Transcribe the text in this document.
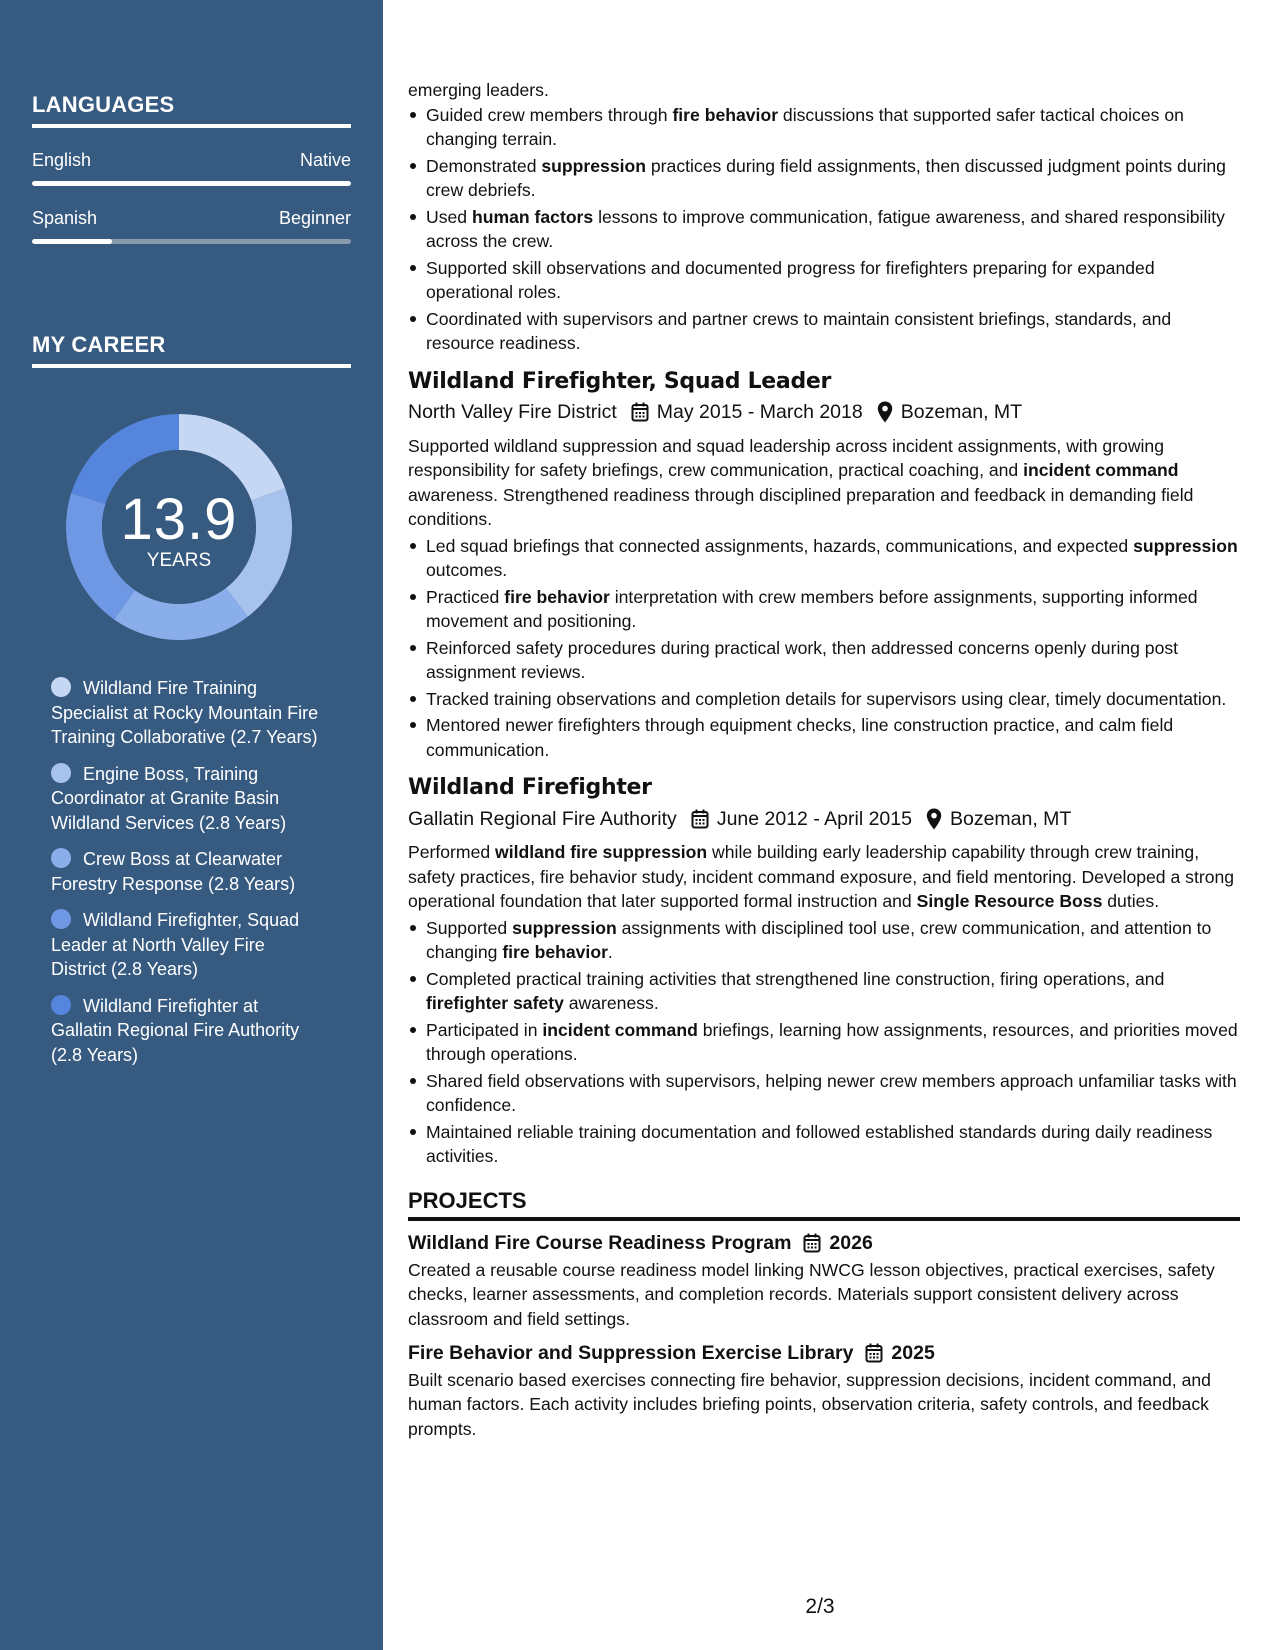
LANGUAGES
English	Native
Spanish	Beginner
MY CAREER
13.9
YEARS
Wildland Fire Training Specialist at Rocky Mountain Fire Training Collaborative (2.7 Years)
Engine Boss, Training Coordinator at Granite Basin Wildland Services (2.8 Years)
Crew Boss at Clearwater Forestry Response (2.8 Years)
Wildland Firefighter, Squad Leader at North Valley Fire District (2.8 Years)
Wildland Firefighter at Gallatin Regional Fire Authority (2.8 Years)
emerging leaders.
Guided crew members through fire behavior discussions that supported safer tactical choices on changing terrain.
Demonstrated suppression practices during field assignments, then discussed judgment points during crew debriefs.
Used human factors lessons to improve communication, fatigue awareness, and shared responsibility across the crew.
Supported skill observations and documented progress for firefighters preparing for expanded operational roles.
Coordinated with supervisors and partner crews to maintain consistent briefings, standards, and resource readiness.
Wildland Firefighter, Squad Leader
North Valley Fire District May 2015 - March 2018 Bozeman, MT
Supported wildland suppression and squad leadership across incident assignments, with growing responsibility for safety briefings, crew communication, practical coaching, and incident command awareness. Strengthened readiness through disciplined preparation and feedback in demanding field conditions.
Led squad briefings that connected assignments, hazards, communications, and expected suppression outcomes.
Practiced fire behavior interpretation with crew members before assignments, supporting informed movement and positioning.
Reinforced safety procedures during practical work, then addressed concerns openly during post assignment reviews.
Tracked training observations and completion details for supervisors using clear, timely documentation.
Mentored newer firefighters through equipment checks, line construction practice, and calm field communication.
Wildland Firefighter
Gallatin Regional Fire Authority June 2012 - April 2015 Bozeman, MT
Performed wildland fire suppression while building early leadership capability through crew training, safety practices, fire behavior study, incident command exposure, and field mentoring. Developed a strong operational foundation that later supported formal instruction and Single Resource Boss duties.
Supported suppression assignments with disciplined tool use, crew communication, and attention to changing fire behavior.
Completed practical training activities that strengthened line construction, firing operations, and firefighter safety awareness.
Participated in incident command briefings, learning how assignments, resources, and priorities moved through operations.
Shared field observations with supervisors, helping newer crew members approach unfamiliar tasks with confidence.
Maintained reliable training documentation and followed established standards during daily readiness activities.
PROJECTS
Wildland Fire Course Readiness Program 2026
Created a reusable course readiness model linking NWCG lesson objectives, practical exercises, safety checks, learner assessments, and completion records. Materials support consistent delivery across classroom and field settings.
Fire Behavior and Suppression Exercise Library 2025
Built scenario based exercises connecting fire behavior, suppression decisions, incident command, and human factors. Each activity includes briefing points, observation criteria, safety controls, and feedback prompts.
2/3
